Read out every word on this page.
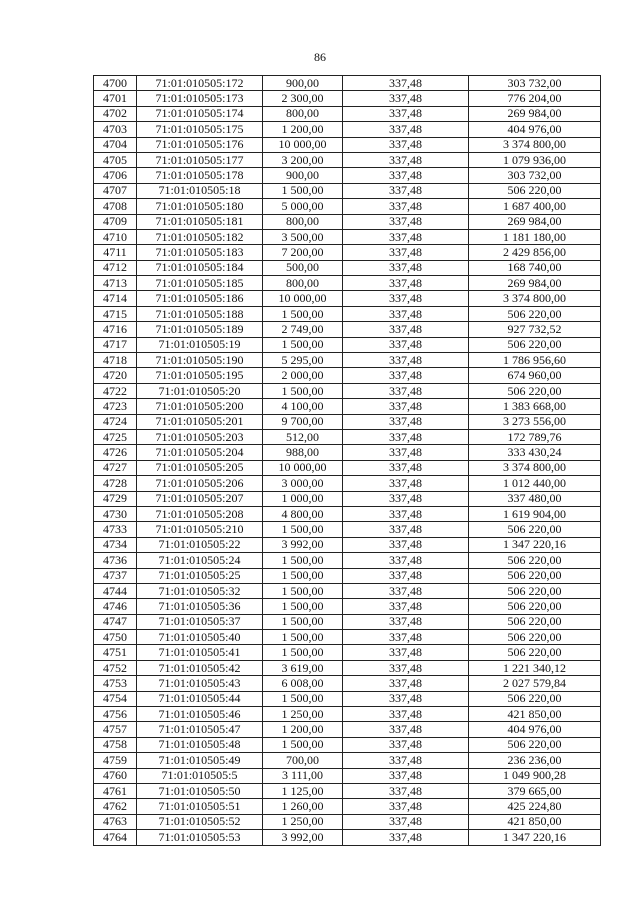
86
4700	71:01:010505:172	900,00	337,48	303 732,00
4701	71:01:010505:173	2 300,00	337,48	776 204,00
4702	71:01:010505:174	800,00	337,48	269 984,00
4703	71:01:010505:175	1 200,00	337,48	404 976,00
4704	71:01:010505:176	10 000,00	337,48	3 374 800,00
4705	71:01:010505:177	3 200,00	337,48	1 079 936,00
4706	71:01:010505:178	900,00	337,48	303 732,00
4707	71:01:010505:18	1 500,00	337,48	506 220,00
4708	71:01:010505:180	5 000,00	337,48	1 687 400,00
4709	71:01:010505:181	800,00	337,48	269 984,00
4710	71:01:010505:182	3 500,00	337,48	1 181 180,00
4711	71:01:010505:183	7 200,00	337,48	2 429 856,00
4712	71:01:010505:184	500,00	337,48	168 740,00
4713	71:01:010505:185	800,00	337,48	269 984,00
4714	71:01:010505:186	10 000,00	337,48	3 374 800,00
4715	71:01:010505:188	1 500,00	337,48	506 220,00
4716	71:01:010505:189	2 749,00	337,48	927 732,52
4717	71:01:010505:19	1 500,00	337,48	506 220,00
4718	71:01:010505:190	5 295,00	337,48	1 786 956,60
4720	71:01:010505:195	2 000,00	337,48	674 960,00
4722	71:01:010505:20	1 500,00	337,48	506 220,00
4723	71:01:010505:200	4 100,00	337,48	1 383 668,00
4724	71:01:010505:201	9 700,00	337,48	3 273 556,00
4725	71:01:010505:203	512,00	337,48	172 789,76
4726	71:01:010505:204	988,00	337,48	333 430,24
4727	71:01:010505:205	10 000,00	337,48	3 374 800,00
4728	71:01:010505:206	3 000,00	337,48	1 012 440,00
4729	71:01:010505:207	1 000,00	337,48	337 480,00
4730	71:01:010505:208	4 800,00	337,48	1 619 904,00
4733	71:01:010505:210	1 500,00	337,48	506 220,00
4734	71:01:010505:22	3 992,00	337,48	1 347 220,16
4736	71:01:010505:24	1 500,00	337,48	506 220,00
4737	71:01:010505:25	1 500,00	337,48	506 220,00
4744	71:01:010505:32	1 500,00	337,48	506 220,00
4746	71:01:010505:36	1 500,00	337,48	506 220,00
4747	71:01:010505:37	1 500,00	337,48	506 220,00
4750	71:01:010505:40	1 500,00	337,48	506 220,00
4751	71:01:010505:41	1 500,00	337,48	506 220,00
4752	71:01:010505:42	3 619,00	337,48	1 221 340,12
4753	71:01:010505:43	6 008,00	337,48	2 027 579,84
4754	71:01:010505:44	1 500,00	337,48	506 220,00
4756	71:01:010505:46	1 250,00	337,48	421 850,00
4757	71:01:010505:47	1 200,00	337,48	404 976,00
4758	71:01:010505:48	1 500,00	337,48	506 220,00
4759	71:01:010505:49	700,00	337,48	236 236,00
4760	71:01:010505:5	3 111,00	337,48	1 049 900,28
4761	71:01:010505:50	1 125,00	337,48	379 665,00
4762	71:01:010505:51	1 260,00	337,48	425 224,80
4763	71:01:010505:52	1 250,00	337,48	421 850,00
4764	71:01:010505:53	3 992,00	337,48	1 347 220,16
